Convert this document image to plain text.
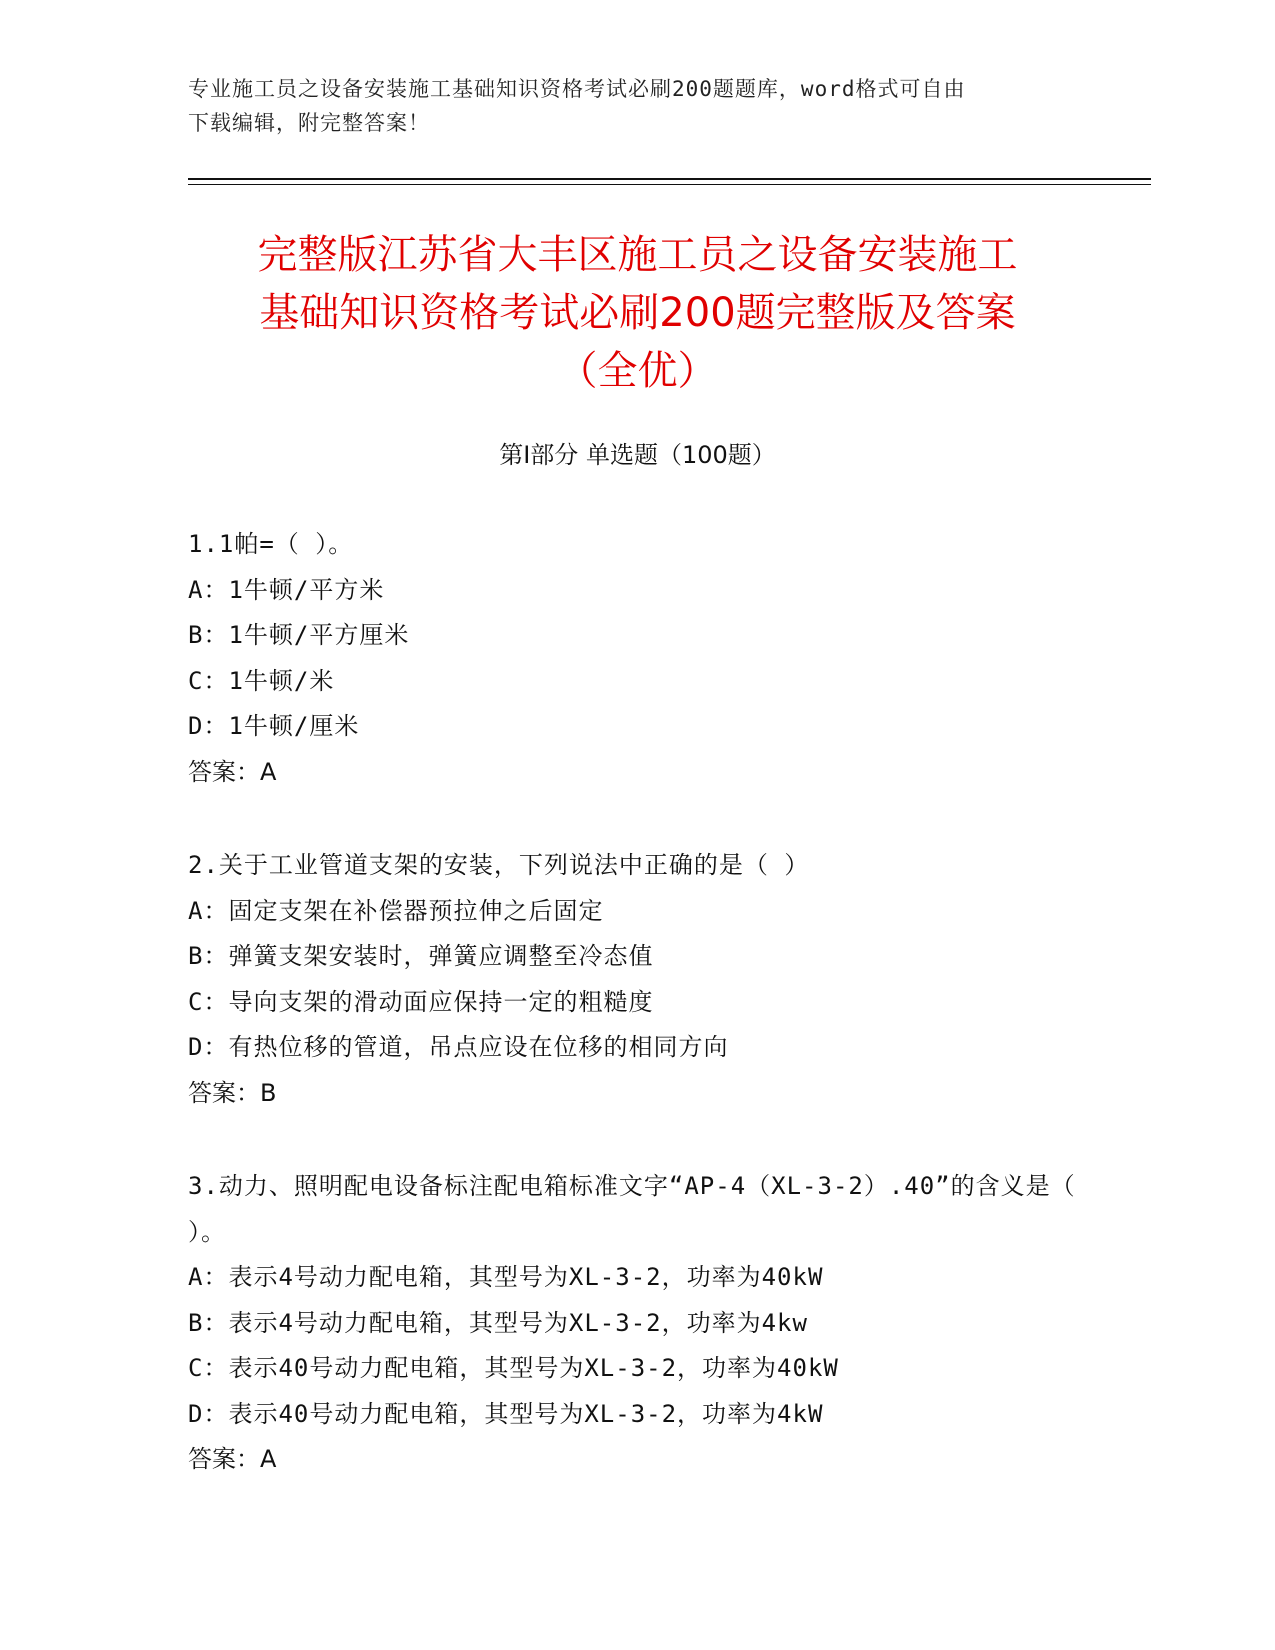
专业施工员之设备安装施工基础知识资格考试必刷200题题库，word格式可自由
下载编辑，附完整答案！
完整版江苏省大丰区施工员之设备安装施工
基础知识资格考试必刷200题完整版及答案
（全优）
第Ⅰ部分 单选题（100题）
1.1帕=（ ）。
A：1牛顿/平方米
B：1牛顿/平方厘米
C：1牛顿/米
D：1牛顿/厘米
答案：A
2.关于工业管道支架的安装，下列说法中正确的是（ ）
A：固定支架在补偿器预拉伸之后固定
B：弹簧支架安装时，弹簧应调整至冷态值
C：导向支架的滑动面应保持一定的粗糙度
D：有热位移的管道，吊点应设在位移的相同方向
答案：B
3.动力、照明配电设备标注配电箱标准文字“AP-4（XL-3-2）.40”的含义是（ ）。
A：表示4号动力配电箱，其型号为XL-3-2，功率为40kW
B：表示4号动力配电箱，其型号为XL-3-2，功率为4kw
C：表示40号动力配电箱，其型号为XL-3-2，功率为40kW
D：表示40号动力配电箱，其型号为XL-3-2，功率为4kW
答案：A
